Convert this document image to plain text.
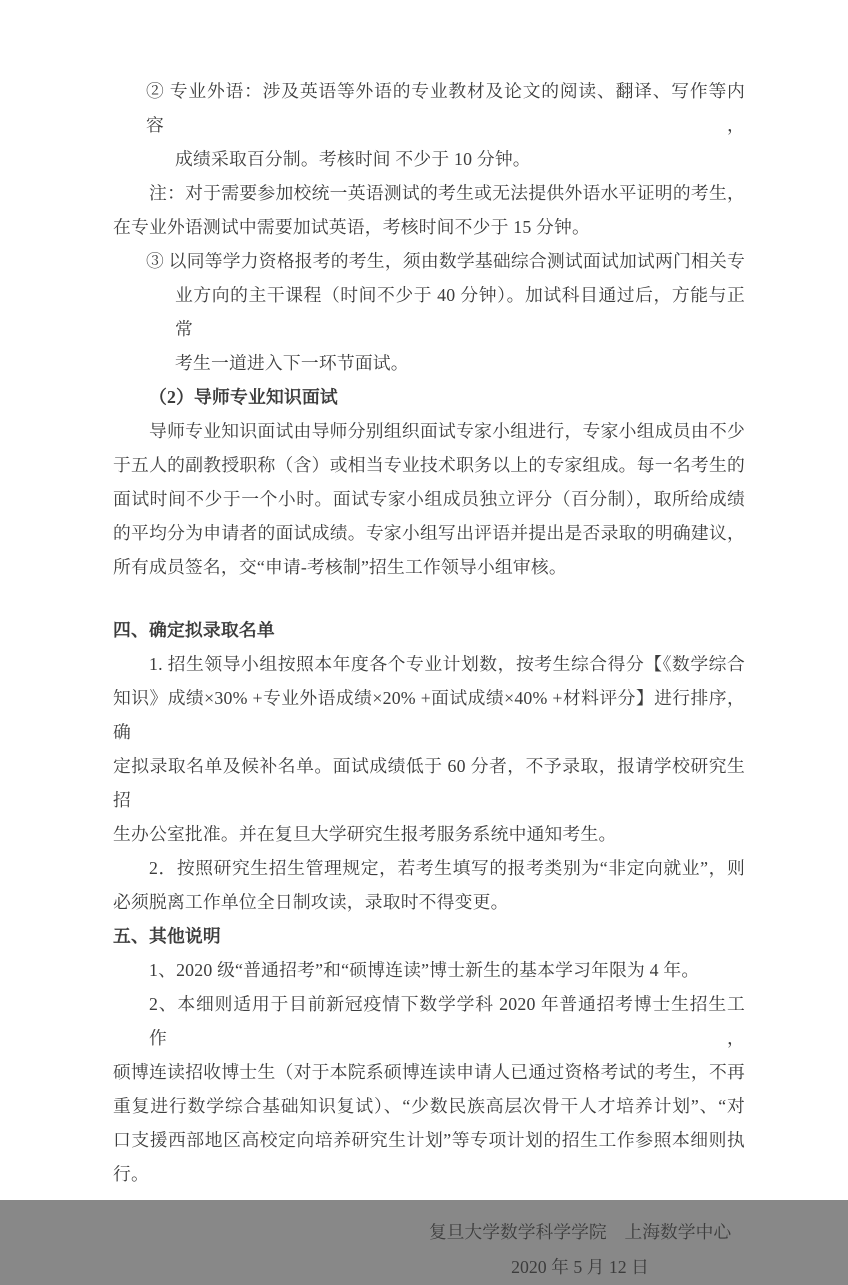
② 专业外语：涉及英语等外语的专业教材及论文的阅读、翻译、写作等内容，
成绩采取百分制。考核时间 不少于 10 分钟。
注：对于需要参加校统一英语测试的考生或无法提供外语水平证明的考生，
在专业外语测试中需要加试英语，考核时间不少于 15 分钟。
③ 以同等学力资格报考的考生，须由数学基础综合测试面试加试两门相关专
业方向的主干课程（时间不少于 40 分钟）。加试科目通过后，方能与正常
考生一道进入下一环节面试。
（2）导师专业知识面试
导师专业知识面试由导师分别组织面试专家小组进行，专家小组成员由不少
于五人的副教授职称（含）或相当专业技术职务以上的专家组成。每一名考生的
面试时间不少于一个小时。面试专家小组成员独立评分（百分制），取所给成绩
的平均分为申请者的面试成绩。专家小组写出评语并提出是否录取的明确建议，
所有成员签名，交“申请-考核制”招生工作领导小组审核。
四、确定拟录取名单
1. 招生领导小组按照本年度各个专业计划数，按考生综合得分【《数学综合
知识》成绩×30% +专业外语成绩×20% +面试成绩×40% +材料评分】进行排序，确
定拟录取名单及候补名单。面试成绩低于 60 分者，不予录取，报请学校研究生招
生办公室批准。并在复旦大学研究生报考服务系统中通知考生。
2．按照研究生招生管理规定，若考生填写的报考类别为“非定向就业”，则
必须脱离工作单位全日制攻读，录取时不得变更。
五、其他说明
1、2020 级“普通招考”和“硕博连读”博士新生的基本学习年限为 4 年。
2、本细则适用于目前新冠疫情下数学学科 2020 年普通招考博士生招生工作，
硕博连读招收博士生（对于本院系硕博连读申请人已通过资格考试的考生，不再
重复进行数学综合基础知识复试）、“少数民族高层次骨干人才培养计划”、“对
口支援西部地区高校定向培养研究生计划”等专项计划的招生工作参照本细则执
行。
复旦大学数学科学学院　上海数学中心
2020 年 5 月 12 日
